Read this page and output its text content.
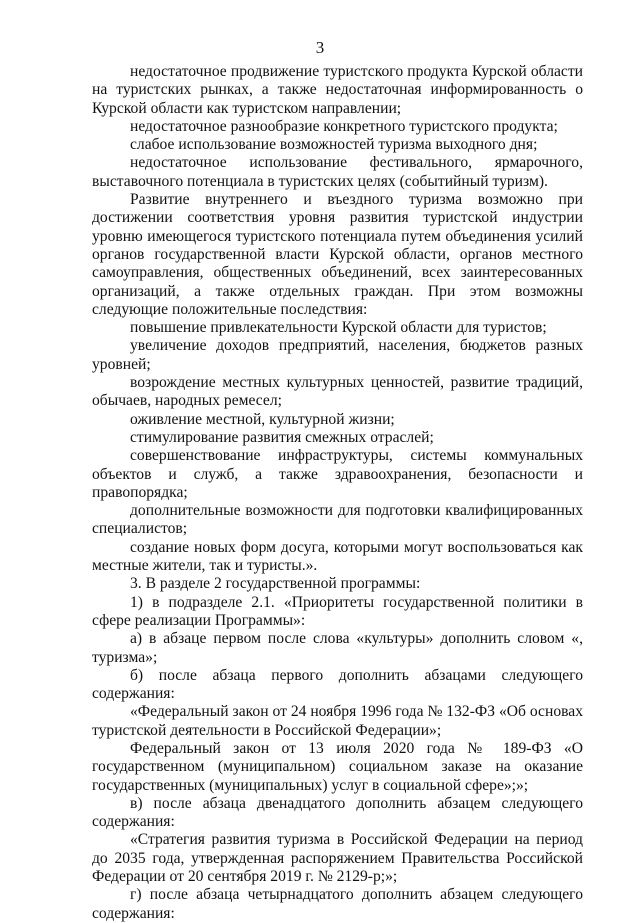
3

недостаточное продвижение туристского продукта Курской области на туристских рынках, а также недостаточная информированность о Курской области как туристском направлении;

недостаточное разнообразие конкретного туристского продукта;

слабое использование возможностей туризма выходного дня;

недостаточное использование фестивального, ярмарочного, выставочного потенциала в туристских целях (событийный туризм).

Развитие внутреннего и въездного туризма возможно при достижении соответствия уровня развития туристской индустрии уровню имеющегося туристского потенциала путем объединения усилий органов государственной власти Курской области, органов местного самоуправления, общественных объединений, всех заинтересованных организаций, а также отдельных граждан. При этом возможны следующие положительные последствия:

повышение привлекательности Курской области для туристов;

увеличение доходов предприятий, населения, бюджетов разных уровней;

возрождение местных культурных ценностей, развитие традиций, обычаев, народных ремесел;

оживление местной, культурной жизни;

стимулирование развития смежных отраслей;

совершенствование инфраструктуры, системы коммунальных объектов и служб, а также здравоохранения, безопасности и правопорядка;

дополнительные возможности для подготовки квалифицированных специалистов;

создание новых форм досуга, которыми могут воспользоваться как местные жители, так и туристы.».

3. В разделе 2 государственной программы:

1) в подразделе 2.1. «Приоритеты государственной политики в сфере реализации Программы»:

а) в абзаце первом после слова «культуры» дополнить словом «, туризма»;

б) после абзаца первого дополнить абзацами следующего содержания:

«Федеральный закон от 24 ноября 1996 года № 132-ФЗ «Об основах туристской деятельности в Российской Федерации»;

Федеральный закон от 13 июля 2020 года № 189-ФЗ «О государственном (муниципальном) социальном заказе на оказание государственных (муниципальных) услуг в социальной сфере»;»;

в) после абзаца двенадцатого дополнить абзацем следующего содержания:

«Стратегия развития туризма в Российской Федерации на период до 2035 года, утвержденная распоряжением Правительства Российской Федерации от 20 сентября 2019 г. № 2129-р;»;

г) после абзаца четырнадцатого дополнить абзацем следующего содержания:
